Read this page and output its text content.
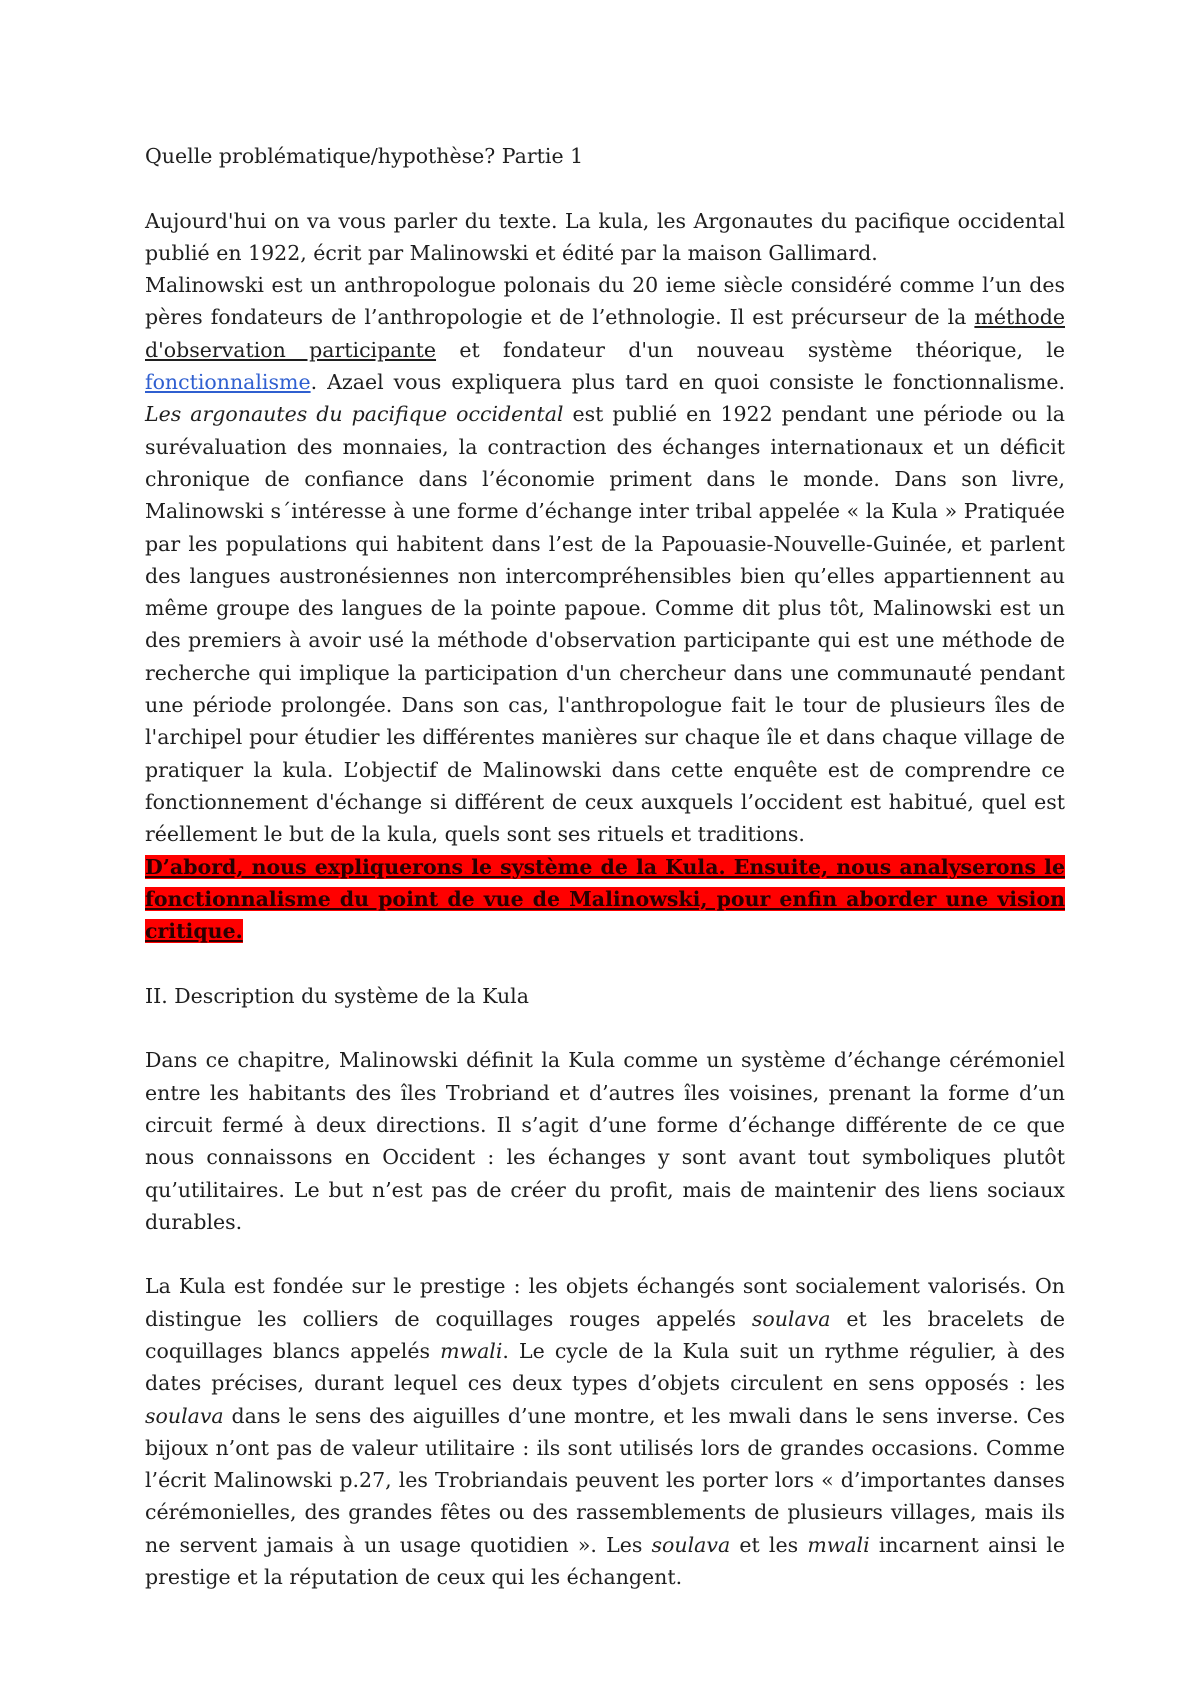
Quelle problématique/hypothèse? Partie 1

Aujourd'hui on va vous parler du texte. La kula, les Argonautes du pacifique occidental publié en 1922, écrit par Malinowski et édité par la maison Gallimard.

Malinowski est un anthropologue polonais du 20 ieme siècle considéré comme l’un des pères fondateurs de l’anthropologie et de l’ethnologie. Il est précurseur de la méthode d'observation participante et fondateur d'un nouveau système théorique, le fonctionnalisme. Azael vous expliquera plus tard en quoi consiste le fonctionnalisme. Les argonautes du pacifique occidental est publié en 1922 pendant une période ou la surévaluation des monnaies, la contraction des échanges internationaux et un déficit chronique de confiance dans l’économie priment dans le monde. Dans son livre, Malinowski s´intéresse à une forme d’échange inter tribal appelée « la Kula » Pratiquée par les populations qui habitent dans l’est de la Papouasie-Nouvelle-Guinée, et parlent des langues austronésiennes non intercompréhensibles bien qu’elles appartiennent au même groupe des langues de la pointe papoue. Comme dit plus tôt, Malinowski est un des premiers à avoir usé la méthode d'observation participante qui est une méthode de recherche qui implique la participation d'un chercheur dans une communauté pendant une période prolongée. Dans son cas, l'anthropologue fait le tour de plusieurs îles de l'archipel pour étudier les différentes manières sur chaque île et dans chaque village de pratiquer la kula. L’objectif de Malinowski dans cette enquête est de comprendre ce fonctionnement d'échange si différent de ceux auxquels l’occident est habitué, quel est réellement le but de la kula, quels sont ses rituels et traditions.

D’abord, nous expliquerons le système de la Kula. Ensuite, nous analyserons le fonctionnalisme du point de vue de Malinowski, pour enfin aborder une vision critique.

II. Description du système de la Kula

Dans ce chapitre, Malinowski définit la Kula comme un système d’échange cérémoniel entre les habitants des îles Trobriand et d’autres îles voisines, prenant la forme d’un circuit fermé à deux directions. Il s’agit d’une forme d’échange différente de ce que nous connaissons en Occident : les échanges y sont avant tout symboliques plutôt qu’utilitaires. Le but n’est pas de créer du profit, mais de maintenir des liens sociaux durables.

La Kula est fondée sur le prestige : les objets échangés sont socialement valorisés. On distingue les colliers de coquillages rouges appelés soulava et les bracelets de coquillages blancs appelés mwali. Le cycle de la Kula suit un rythme régulier, à des dates précises, durant lequel ces deux types d’objets circulent en sens opposés : les soulava dans le sens des aiguilles d’une montre, et les mwali dans le sens inverse. Ces bijoux n’ont pas de valeur utilitaire : ils sont utilisés lors de grandes occasions. Comme l’écrit Malinowski p.27, les Trobriandais peuvent les porter lors « d’importantes danses cérémonielles, des grandes fêtes ou des rassemblements de plusieurs villages, mais ils ne servent jamais à un usage quotidien ». Les soulava et les mwali incarnent ainsi le prestige et la réputation de ceux qui les échangent.
